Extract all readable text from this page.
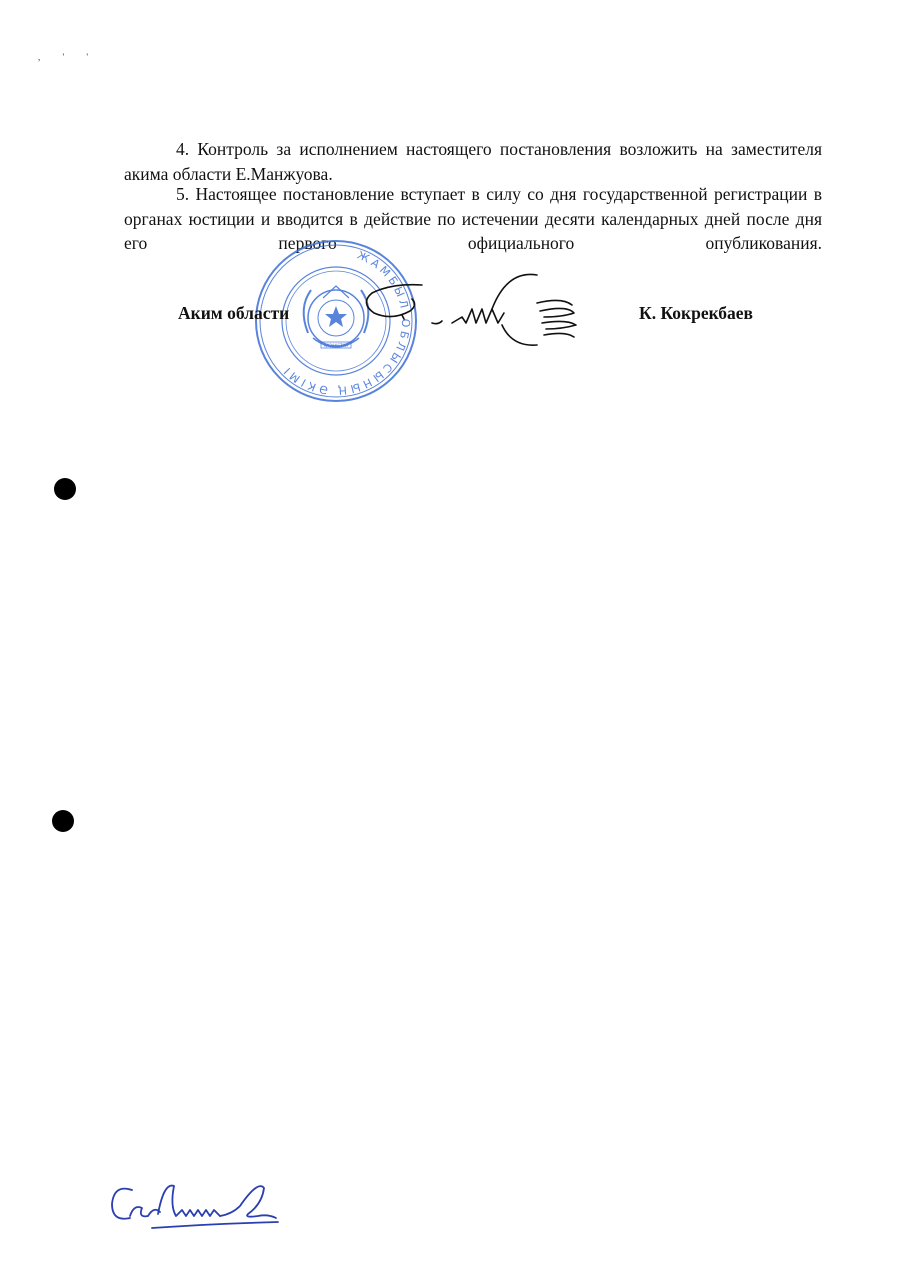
, ' '

4. Контроль за исполнением настоящего постановления возложить на заместителя акима области Е.Манжуова.

5. Настоящее постановление вступает в силу со дня государственной регистрации в органах юстиции и вводится в действие по истечении десяти календарных дней после дня его первого официального опубликования.

ЖАМБЫЛ ОБЛЫСЫНЫҢ ӘКІМІ
ҚАЗАҚСТАН
Аким области	К. Кокрекбаев
